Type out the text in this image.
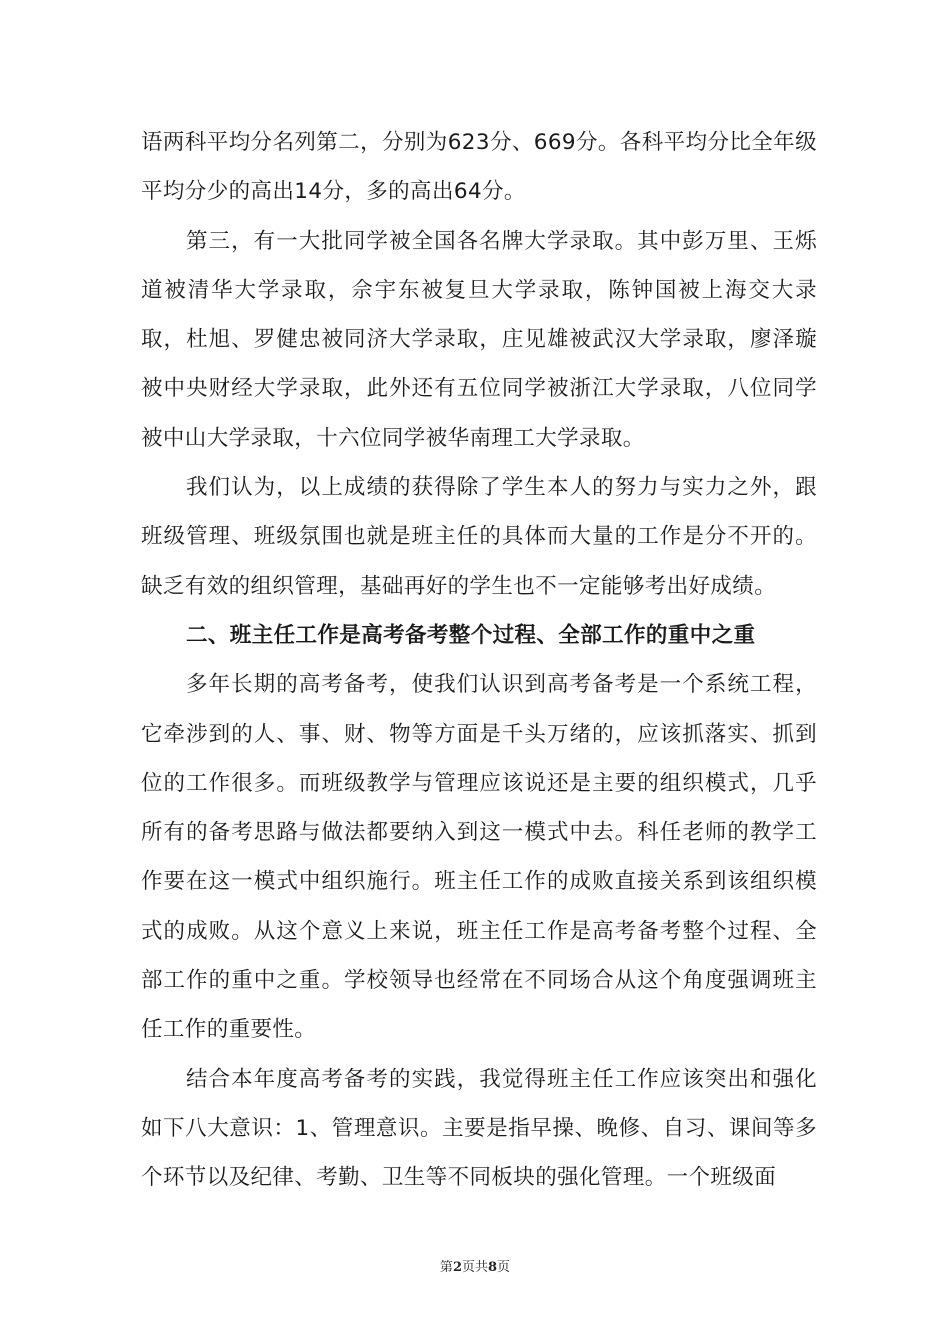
语两科平均分名列第二，分别为623分、669分。各科平均分比全年级平均分少的高出14分，多的高出64分。

第三，有一大批同学被全国各名牌大学录取。其中彭万里、王烁道被清华大学录取，佘宇东被复旦大学录取，陈钟国被上海交大录取，杜旭、罗健忠被同济大学录取，庄见雄被武汉大学录取，廖泽璇被中央财经大学录取，此外还有五位同学被浙江大学录取，八位同学被中山大学录取，十六位同学被华南理工大学录取。

我们认为，以上成绩的获得除了学生本人的努力与实力之外，跟班级管理、班级氛围也就是班主任的具体而大量的工作是分不开的。缺乏有效的组织管理，基础再好的学生也不一定能够考出好成绩。

二、班主任工作是高考备考整个过程、全部工作的重中之重

多年长期的高考备考，使我们认识到高考备考是一个系统工程，它牵涉到的人、事、财、物等方面是千头万绪的，应该抓落实、抓到位的工作很多。而班级教学与管理应该说还是主要的组织模式，几乎所有的备考思路与做法都要纳入到这一模式中去。科任老师的教学工作要在这一模式中组织施行。班主任工作的成败直接关系到该组织模式的成败。从这个意义上来说，班主任工作是高考备考整个过程、全部工作的重中之重。学校领导也经常在不同场合从这个角度强调班主任工作的重要性。

结合本年度高考备考的实践，我觉得班主任工作应该突出和强化如下八大意识：1、管理意识。主要是指早操、晚修、自习、课间等多个环节以及纪律、考勤、卫生等不同板块的强化管理。一个班级面

第2页共8页
